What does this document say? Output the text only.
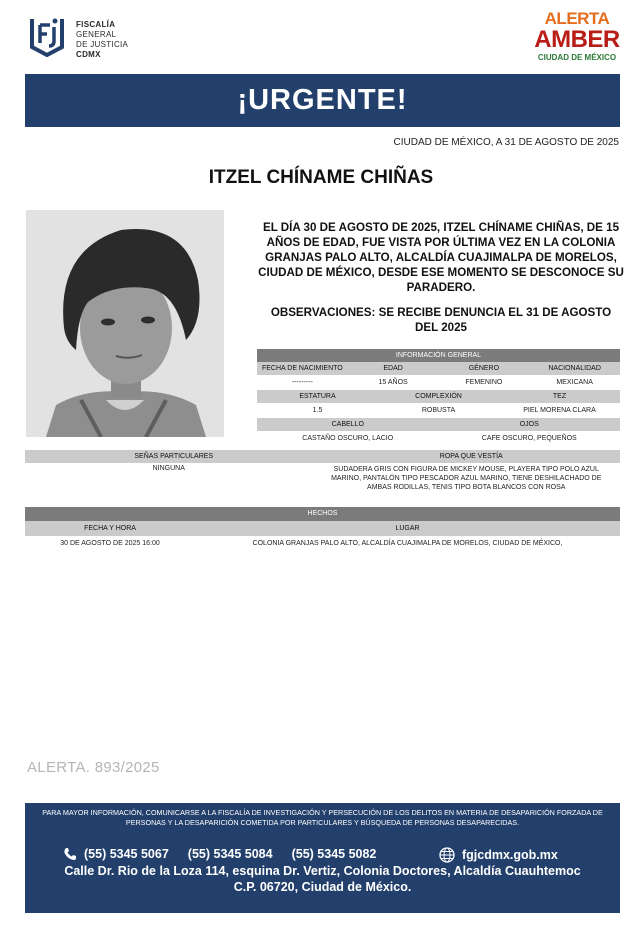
FISCALÍA
GENERAL
DE JUSTICIA
CDMX
ALERTA
AMBER
CIUDAD DE MÉXICO
¡URGENTE!
CIUDAD DE MÉXICO, A 31 DE AGOSTO DE 2025
ITZEL CHÍNAME CHIÑAS
EL DÍA 30 DE AGOSTO DE 2025, ITZEL CHÍNAME CHIÑAS, DE 15 AÑOS DE EDAD, FUE VISTA POR ÚLTIMA VEZ EN LA COLONIA GRANJAS PALO ALTO, ALCALDÍA CUAJIMALPA DE MORELOS, CIUDAD DE MÉXICO, DESDE ESE MOMENTO SE DESCONOCE SU PARADERO.
OBSERVACIONES: SE RECIBE DENUNCIA EL 31 DE AGOSTO DEL 2025
INFORMACIÓN GENERAL
FECHA DE NACIMIENTO	EDAD	GÉNERO	NACIONALIDAD
---------	15 AÑOS	FEMENINO	MEXICANA
ESTATURA	COMPLEXIÓN	TEZ
1.5	ROBUSTA	PIEL MORENA CLARA
CABELLO	OJOS
CASTAÑO OSCURO, LACIO	CAFE OSCURO, PEQUEÑOS
SEÑAS PARTICULARES	ROPA QUE VESTÍA
NINGUNA	SUDADERA GRIS CON FIGURA DE MICKEY MOUSE, PLAYERA TIPO POLO AZUL MARINO, PANTALÓN TIPO PESCADOR AZUL MARINO, TIENE DESHILACHADO DE AMBAS RODILLAS, TENIS TIPO BOTA BLANCOS CON ROSA
HECHOS
FECHA Y HORA	LUGAR
30 DE AGOSTO DE 2025 16:00	COLONIA GRANJAS PALO ALTO, ALCALDÍA CUAJIMALPA DE MORELOS, CIUDAD DE MÉXICO,
ALERTA. 893/2025
PARA MAYOR INFORMACIÓN, COMUNICARSE A LA FISCALÍA DE INVESTIGACIÓN Y PERSECUCIÓN DE LOS DELITOS EN MATERIA DE DESAPARICIÓN FORZADA DE PERSONAS Y LA DESAPARICIÓN COMETIDA POR PARTICULARES Y BÚSQUEDA DE PERSONAS DESAPARECIDAS.
(55) 5345 5067 (55) 5345 5084 (55) 5345 5082	fgjcdmx.gob.mx
Calle Dr. Rio de la Loza 114, esquina Dr. Vertiz, Colonia Doctores, Alcaldía Cuauhtemoc
C.P. 06720, Ciudad de México.
